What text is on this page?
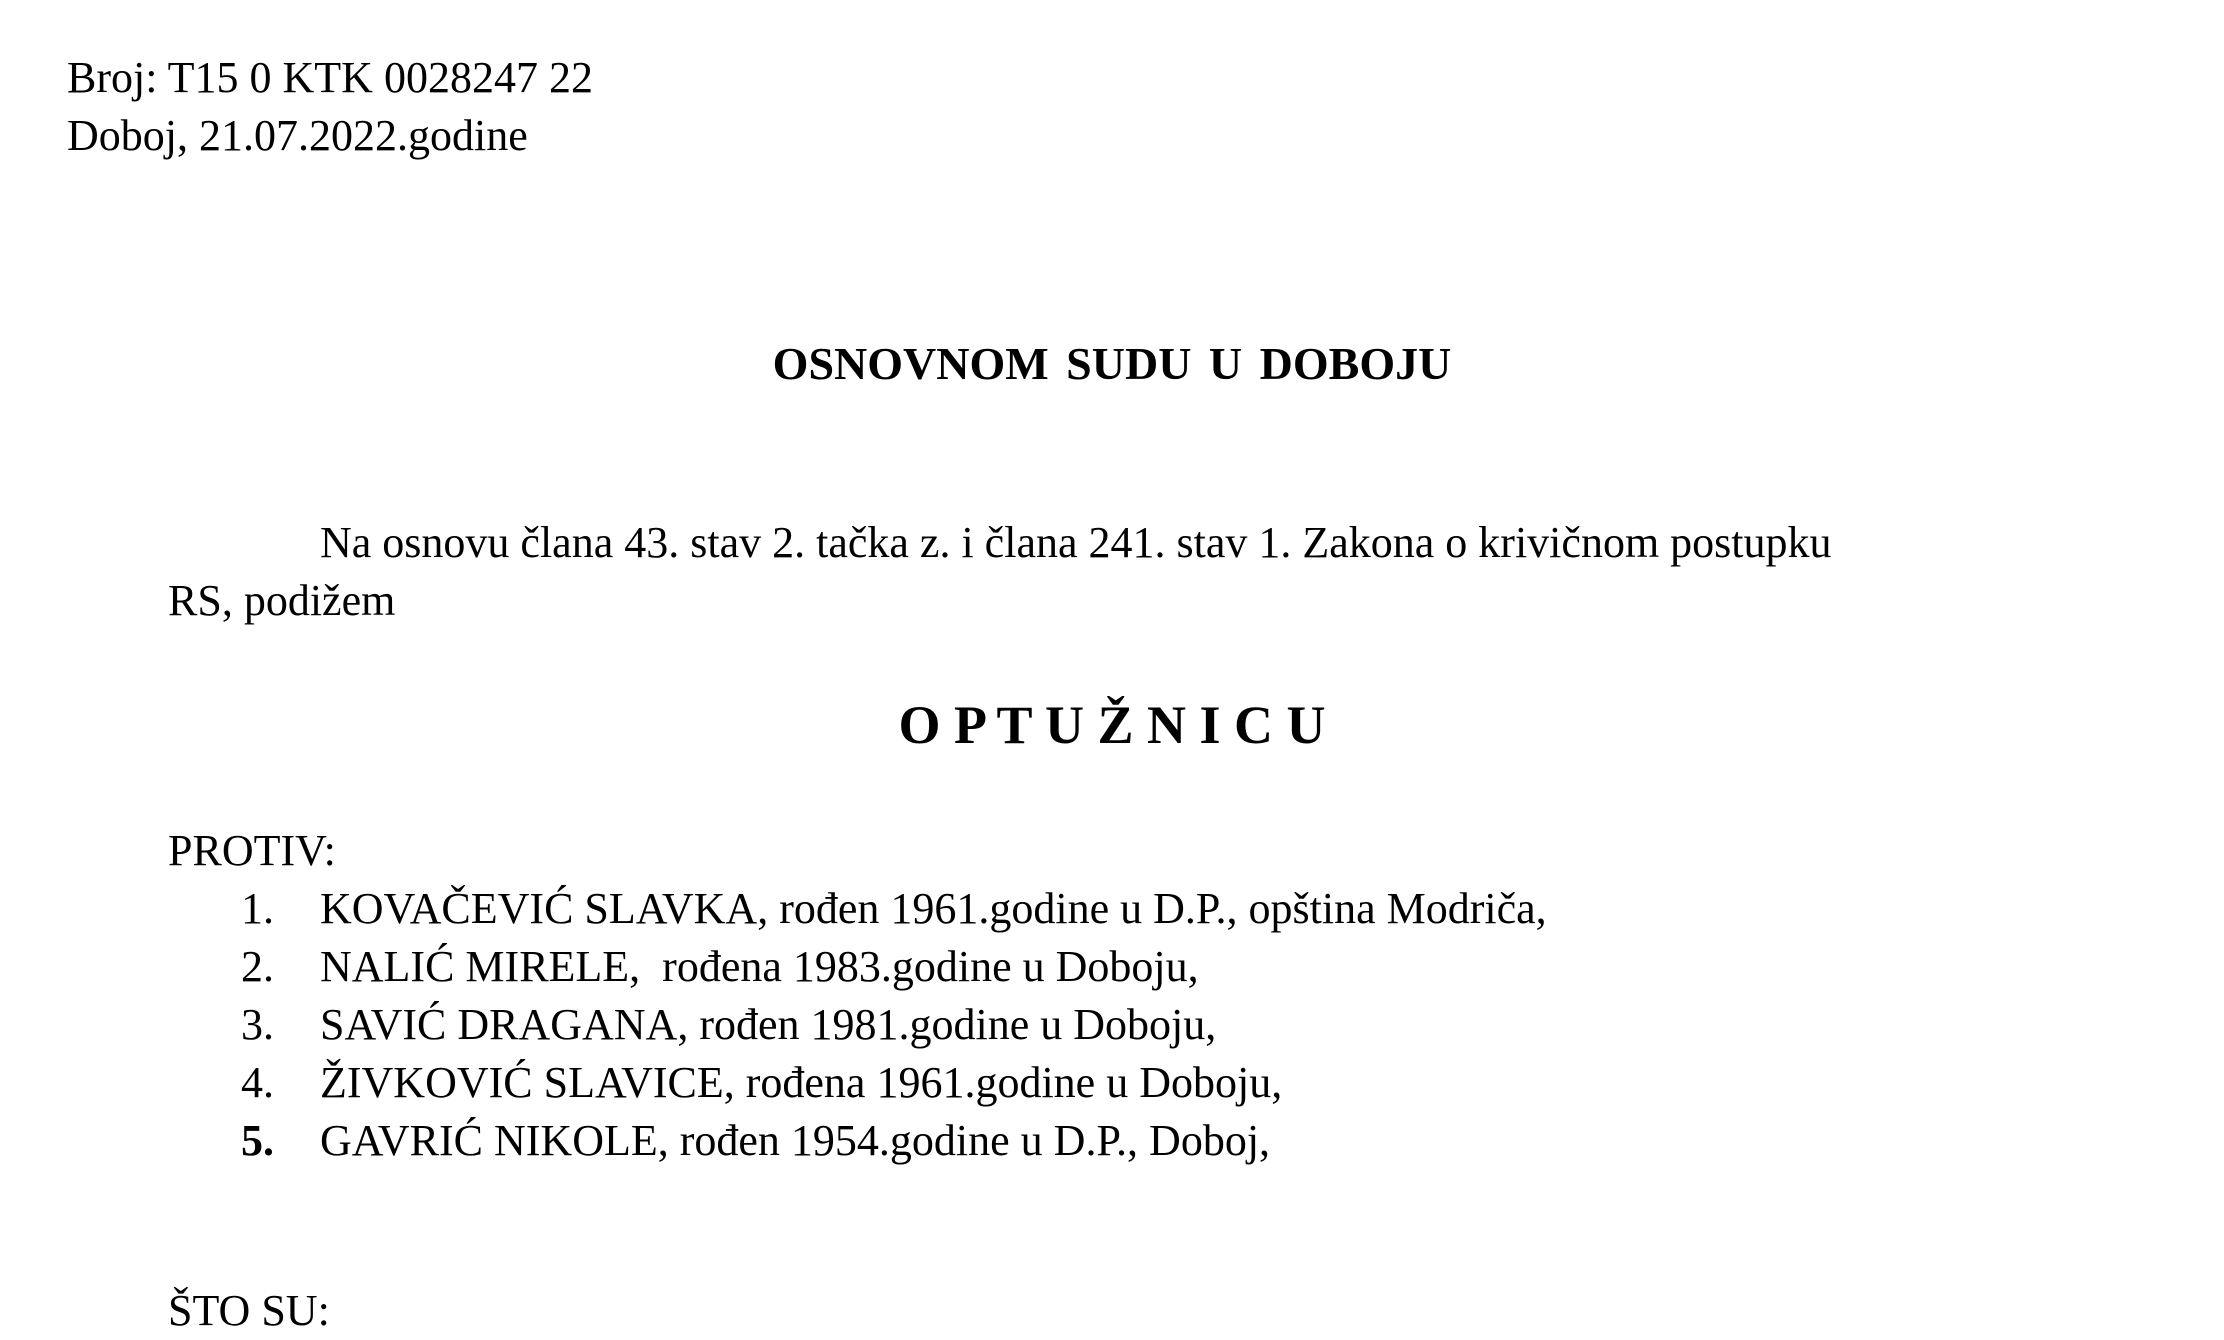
Broj: T15 0 KTK 0028247 22
Doboj, 21.07.2022.godine
OSNOVNOM SUDU U DOBOJU
Na osnovu člana 43. stav 2. tačka z. i člana 241. stav 1. Zakona o krivičnom postupku
RS, podižem
O P T U Ž N I C U
PROTIV:
1. KOVAČEVIĆ SLAVKA, rođen 1961.godine u D.P., opština Modriča,
2. NALIĆ MIRELE,  rođena 1983.godine u Doboju,
3. SAVIĆ DRAGANA, rođen 1981.godine u Doboju,
4. ŽIVKOVIĆ SLAVICE, rođena 1961.godine u Doboju,
5. GAVRIĆ NIKOLE, rođen 1954.godine u D.P., Doboj,
ŠTO SU:
